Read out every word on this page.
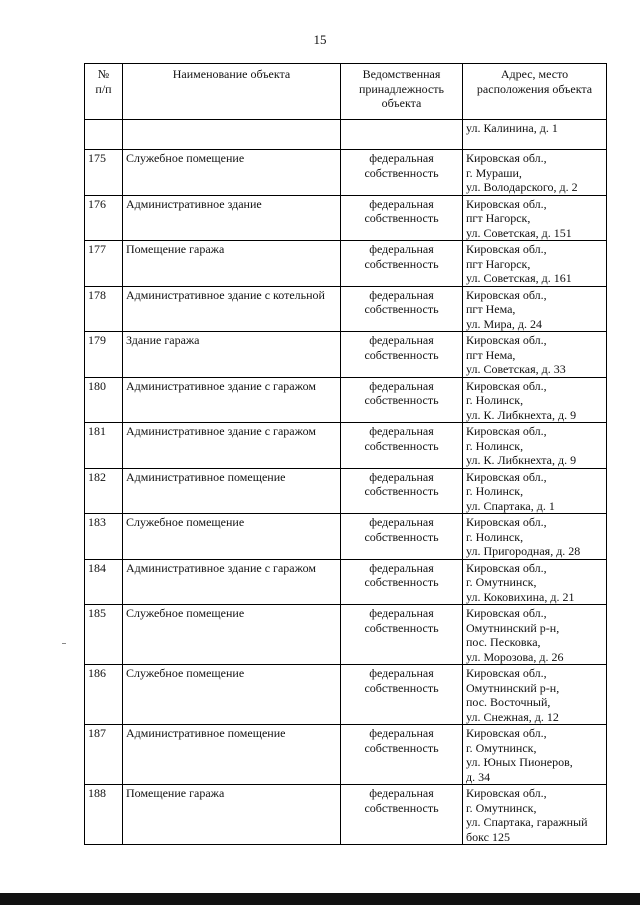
15
№
п/п	Наименование объекта	Ведомственная
принадлежность
объекта	Адрес, место
расположения объекта

			ул. Калинина, д. 1

175	Служебное помещение	федеральная
собственность	Кировская обл.,
г. Мураши,
ул. Володарского, д. 2

176	Административное здание	федеральная
собственность	Кировская обл.,
пгт Нагорск,
ул. Советская, д. 151

177	Помещение гаража	федеральная
собственность	Кировская обл.,
пгт Нагорск,
ул. Советская, д. 161

178	Административное здание с котельной	федеральная
собственность	Кировская обл.,
пгт Нема,
ул. Мира, д. 24

179	Здание гаража	федеральная
собственность	Кировская обл.,
пгт Нема,
ул. Советская, д. 33

180	Административное здание с гаражом	федеральная
собственность	Кировская обл.,
г. Нолинск,
ул. К. Либкнехта, д. 9

181	Административное здание с гаражом	федеральная
собственность	Кировская обл.,
г. Нолинск,
ул. К. Либкнехта, д. 9

182	Административное помещение	федеральная
собственность	Кировская обл.,
г. Нолинск,
ул. Спартака, д. 1

183	Служебное помещение	федеральная
собственность	Кировская обл.,
г. Нолинск,
ул. Пригородная, д. 28

184	Административное здание с гаражом	федеральная
собственность	Кировская обл.,
г. Омутнинск,
ул. Коковихина, д. 21

185	Служебное помещение	федеральная
собственность	Кировская обл.,
Омутнинский р-н,
пос. Песковка,
ул. Морозова, д. 26

186	Служебное помещение	федеральная
собственность	Кировская обл.,
Омутнинский р-н,
пос. Восточный,
ул. Снежная, д. 12

187	Административное помещение	федеральная
собственность	Кировская обл.,
г. Омутнинск,
ул. Юных Пионеров,
д. 34

188	Помещение гаража	федеральная
собственность	Кировская обл.,
г. Омутнинск,
ул. Спартака, гаражный
бокс 125
